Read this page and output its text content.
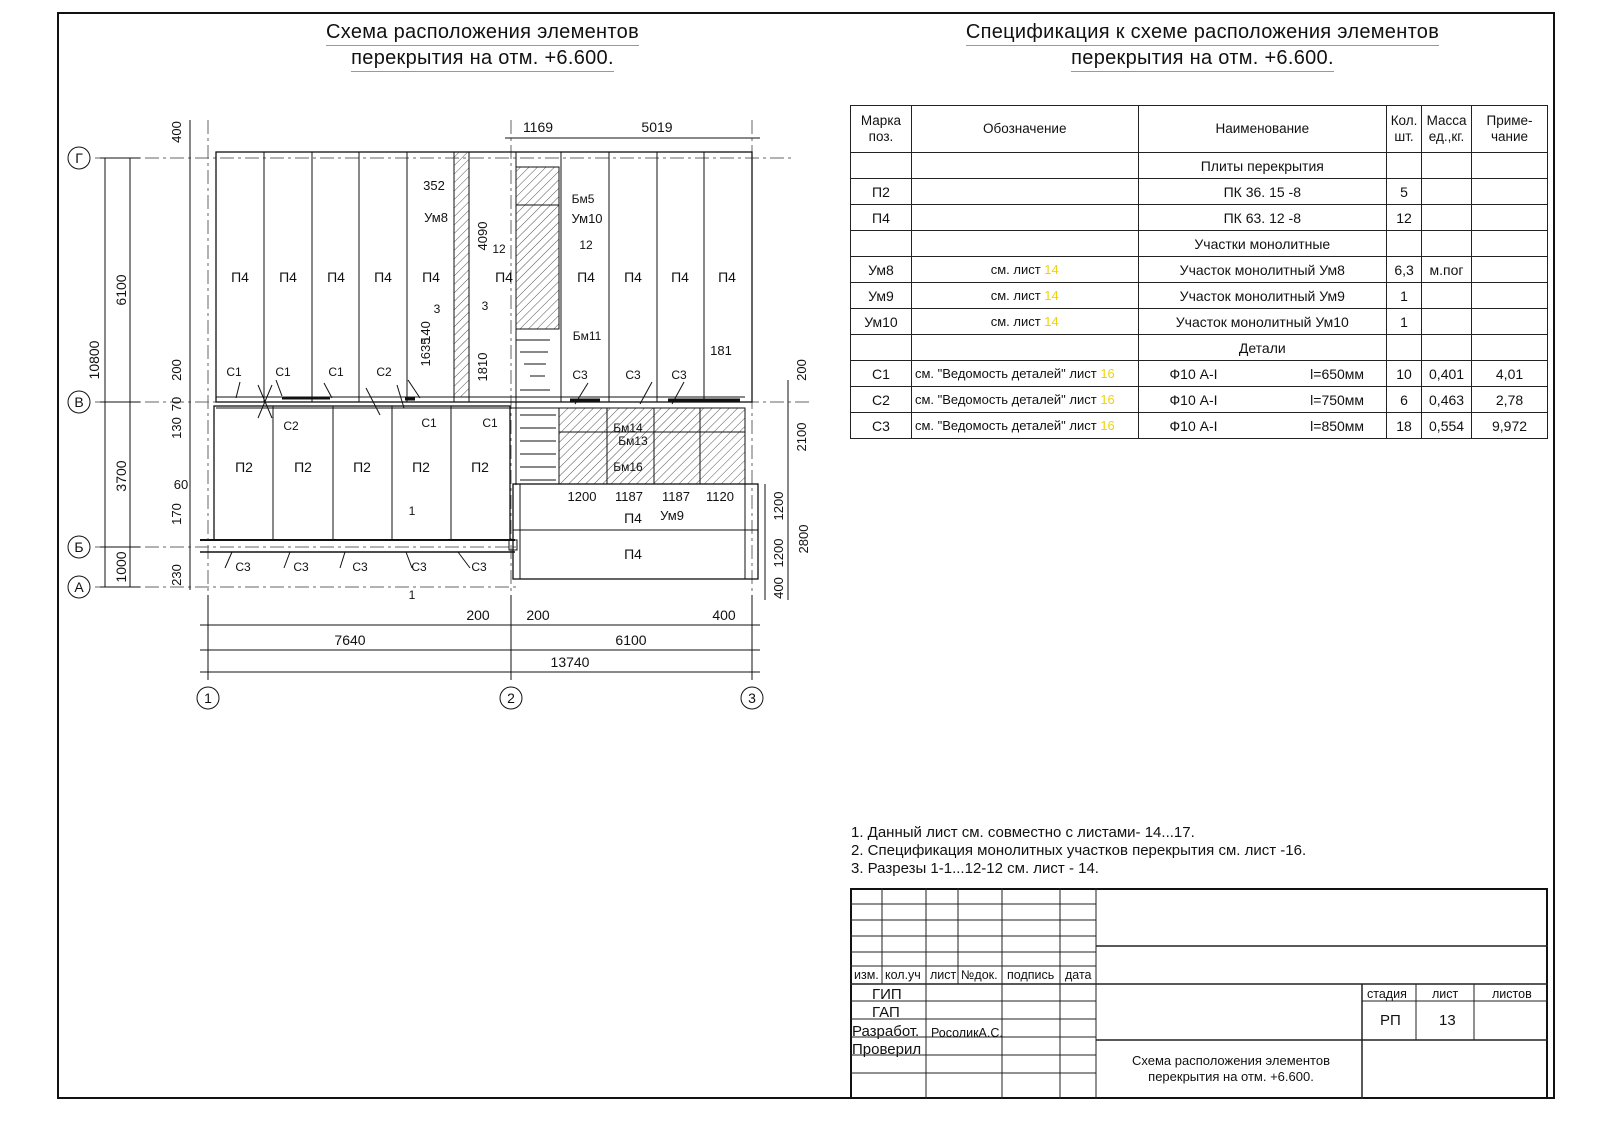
Схема расположения элементов
перекрытия на отм. +6.600.
Спецификация к схеме расположения элементов
перекрытия на отм. +6.600.
Г
В
Б
А
1	2	3
П4 П4 П4 П4 П4	П4	П4 П4 П4 П4
П2	П2	П2	П2	П2
П4
П4
Ум8	Ум10
Ум9
Бм5
Бм11
Бм14
Бм13
Бм16
С1	С1	С1	С2
С2	С1	С1
С3	С3	С3
С3	С3	С3	С3	С3
3	3
12	12
1
1
1169	5019
352
4090
1635
140
1810
181
1200 1187 1187 1120
6100
3700
1000
10800
400
200
70
130
60
170
230
200
2100
1200
1200
400
2800
200	200	400
7640	6100
13740
Марка поз.	Обозначение	Наименование	Кол. шт.	Масса ед.,кг.	Приме-чание
		Плиты перекрытия			
П2		ПК 36. 15 -8	5		
П4		ПК 63. 12 -8	12		
		Участки монолитные			
Ум8	см. лист 14	Участок монолитный Ум8	6,3	м.пог	
Ум9	см. лист 14	Участок монолитный Ум9	1		
Ум10	см. лист 14	Участок монолитный Ум10	1		
		Детали			
С1	см. "Ведомость деталей" лист 16	Ф10 А-I l=650мм	10	0,401	4,01
С2	см. "Ведомость деталей" лист 16	Ф10 А-I l=750мм	6	0,463	2,78
С3	см. "Ведомость деталей" лист 16	Ф10 А-I l=850мм	18	0,554	9,972
1. Данный лист см. совместно с листами- 14...17.
2. Спецификация монолитных участков перекрытия см. лист -16.
3. Разрезы 1-1...12-12 см. лист - 14.
изм. кол.уч лист №док. подпись дата
ГИП
ГАП
Разработ.
Проверил
РосоликА.С.
стадия лист	листов
РП	13
Схема расположения элементов
перекрытия на отм. +6.600.
